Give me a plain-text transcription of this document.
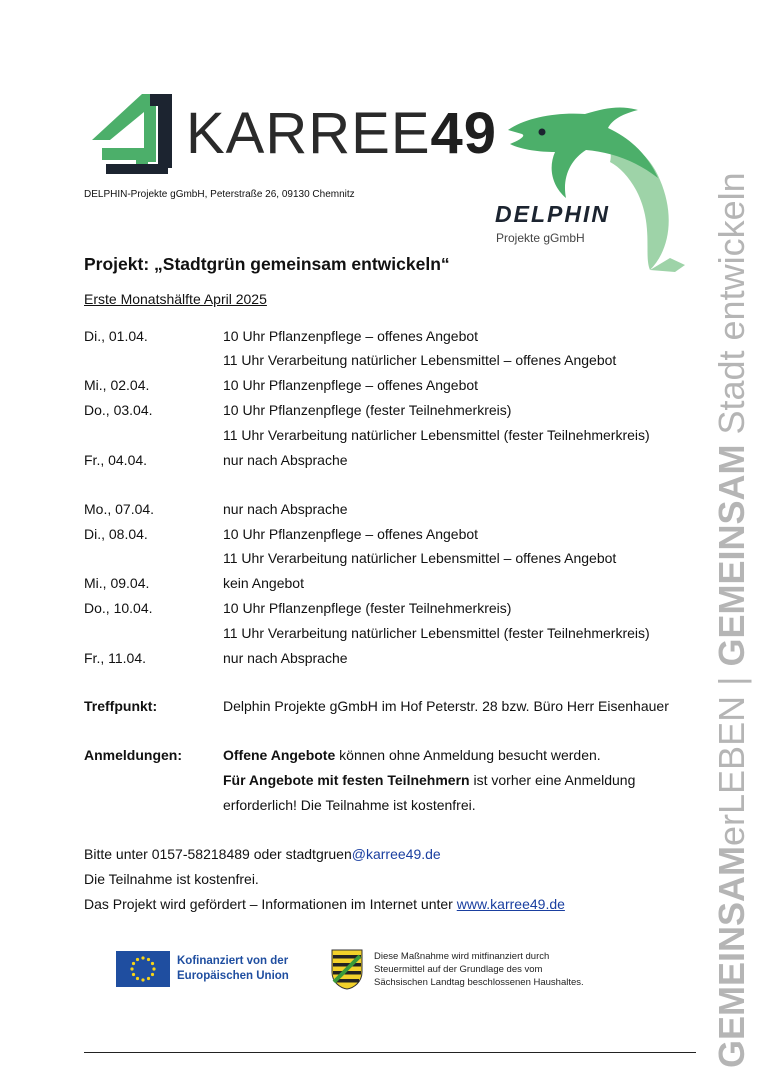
KARREE49
DELPHIN-Projekte gGmbH, Peterstraße 26, 09130 Chemnitz
DELPHIN
Projekte gGmbH
GEMEINSAMerLEBEN | GEMEINSAM Stadt entwickeln
Projekt: „Stadtgrün gemeinsam entwickeln“
Erste Monatshälfte April 2025
Di., 01.04.	10 Uhr Pflanzenpflege – offenes Angebot
11 Uhr Verarbeitung natürlicher Lebensmittel – offenes Angebot
Mi., 02.04.	10 Uhr Pflanzenpflege – offenes Angebot
Do., 03.04.	10 Uhr Pflanzenpflege (fester Teilnehmerkreis)
11 Uhr Verarbeitung natürlicher Lebensmittel (fester Teilnehmerkreis)
Fr., 04.04.	nur nach Absprache
Mo., 07.04.	nur nach Absprache
Di., 08.04.	10 Uhr Pflanzenpflege – offenes Angebot
11 Uhr Verarbeitung natürlicher Lebensmittel – offenes Angebot
Mi., 09.04.	kein Angebot
Do., 10.04.	10 Uhr Pflanzenpflege (fester Teilnehmerkreis)
11 Uhr Verarbeitung natürlicher Lebensmittel (fester Teilnehmerkreis)
Fr., 11.04.	nur nach Absprache
Treffpunkt:	Delphin Projekte gGmbH im Hof Peterstr. 28 bzw. Büro Herr Eisenhauer
Anmeldungen:	Offene Angebote können ohne Anmeldung besucht werden.
Für Angebote mit festen Teilnehmern ist vorher eine Anmeldung
erforderlich! Die Teilnahme ist kostenfrei.
Bitte unter 0157-58218489 oder stadtgruen@karree49.de
Die Teilnahme ist kostenfrei.
Das Projekt wird gefördert – Informationen im Internet unter www.karree49.de
Kofinanziert von der
Europäischen Union
Diese Maßnahme wird mitfinanziert durch
Steuermittel auf der Grundlage des vom
Sächsischen Landtag beschlossenen Haushaltes.
